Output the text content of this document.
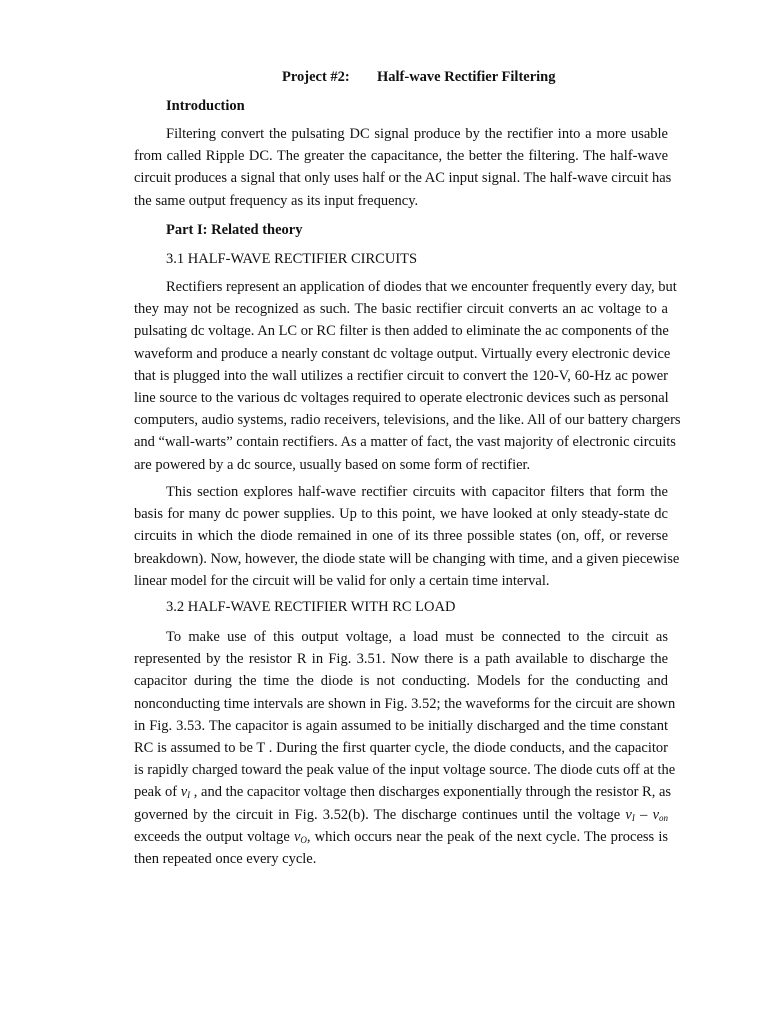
Project #2: Half-wave Rectifier Filtering
Introduction
Filtering convert the pulsating DC signal produce by the rectifier into a more usable
from called Ripple DC. The greater the capacitance, the better the filtering. The half-wave
circuit produces a signal that only uses half or the AC input signal. The half-wave circuit has
the same output frequency as its input frequency.
Part I: Related theory
3.1 HALF-WAVE RECTIFIER CIRCUITS
Rectifiers represent an application of diodes that we encounter frequently every day, but
they may not be recognized as such. The basic rectifier circuit converts an ac voltage to a
pulsating dc voltage. An LC or RC filter is then added to eliminate the ac components of the
waveform and produce a nearly constant dc voltage output. Virtually every electronic device
that is plugged into the wall utilizes a rectifier circuit to convert the 120-V, 60-Hz ac power
line source to the various dc voltages required to operate electronic devices such as personal
computers, audio systems, radio receivers, televisions, and the like. All of our battery chargers
and “wall-warts” contain rectifiers. As a matter of fact, the vast majority of electronic circuits
are powered by a dc source, usually based on some form of rectifier.
This section explores half-wave rectifier circuits with capacitor filters that form the
basis for many dc power supplies. Up to this point, we have looked at only steady-state dc
circuits in which the diode remained in one of its three possible states (on, off, or reverse
breakdown). Now, however, the diode state will be changing with time, and a given piecewise
linear model for the circuit will be valid for only a certain time interval.
3.2 HALF-WAVE RECTIFIER WITH RC LOAD
To make use of this output voltage, a load must be connected to the circuit as
represented by the resistor R in Fig. 3.51. Now there is a path available to discharge the
capacitor during the time the diode is not conducting. Models for the conducting and
nonconducting time intervals are shown in Fig. 3.52; the waveforms for the circuit are shown
in Fig. 3.53. The capacitor is again assumed to be initially discharged and the time constant
RC is assumed to be T . During the first quarter cycle, the diode conducts, and the capacitor
is rapidly charged toward the peak value of the input voltage source. The diode cuts off at the
peak of $v_I$ , and the capacitor voltage then discharges exponentially through the resistor R, as
governed by the circuit in Fig. 3.52(b). The discharge continues until the voltage $v_I - v_{on}$
exceeds the output voltage $v_O$, which occurs near the peak of the next cycle. The process is
then repeated once every cycle.
